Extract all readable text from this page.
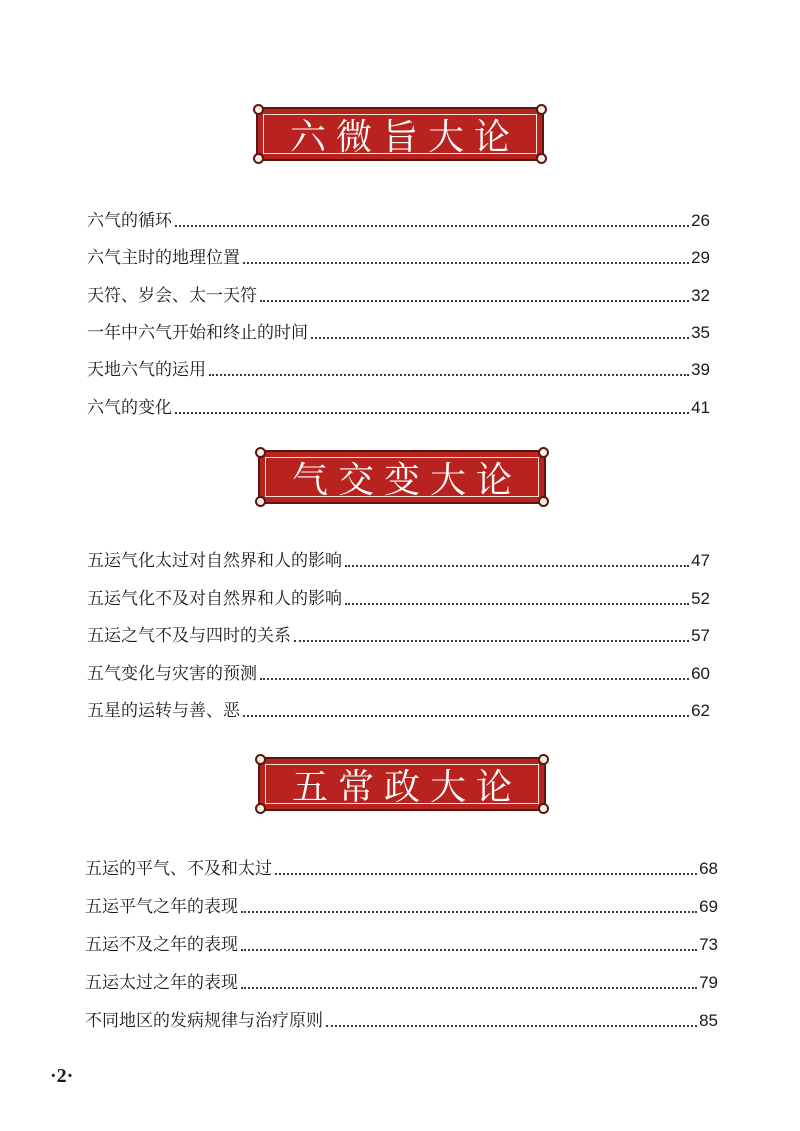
六微旨大论
六气的循环	26
六气主时的地理位置	29
天符、岁会、太一天符	32
一年中六气开始和终止的时间	35
天地六气的运用	39
六气的变化	41
气交变大论
五运气化太过对自然界和人的影响	47
五运气化不及对自然界和人的影响	52
五运之气不及与四时的关系	57
五气变化与灾害的预测	60
五星的运转与善、恶	62
五常政大论
五运的平气、不及和太过	68
五运平气之年的表现	69
五运不及之年的表现	73
五运太过之年的表现	79
不同地区的发病规律与治疗原则	85
·2·
